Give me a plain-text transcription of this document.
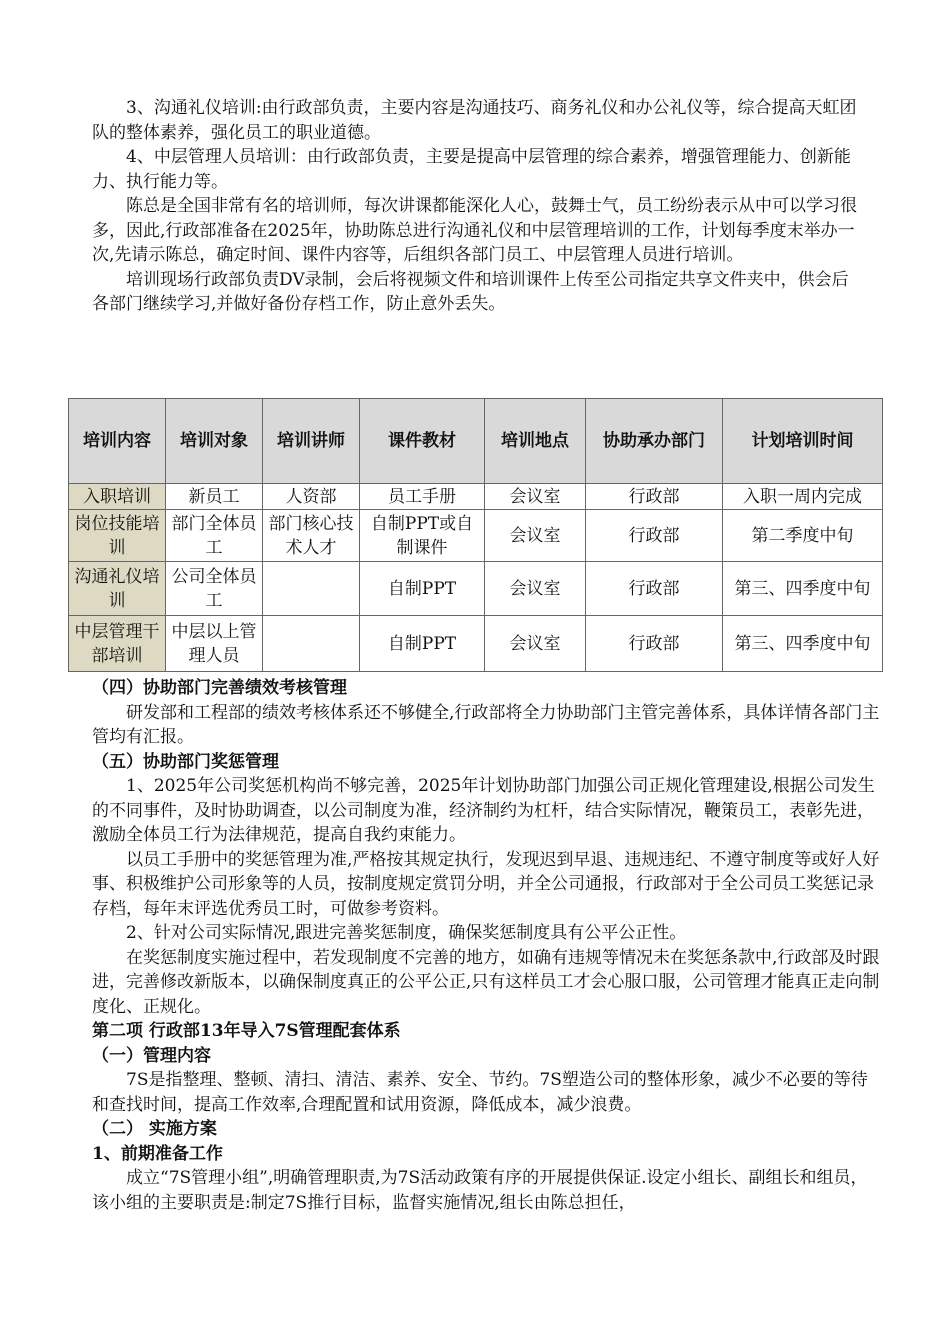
3、沟通礼仪培训:由行政部负责，主要内容是沟通技巧、商务礼仪和办公礼仪等，综合提高天虹团队的整体素养，强化员工的职业道德。

4、中层管理人员培训：由行政部负责，主要是提高中层管理的综合素养，增强管理能力、创新能力、执行能力等。

陈总是全国非常有名的培训师，每次讲课都能深化人心，鼓舞士气，员工纷纷表示从中可以学习很多，因此,行政部准备在2025年，协助陈总进行沟通礼仪和中层管理培训的工作，计划每季度末举办一次,先请示陈总，确定时间、课件内容等，后组织各部门员工、中层管理人员进行培训。

培训现场行政部负责DV录制，会后将视频文件和培训课件上传至公司指定共享文件夹中，供会后各部门继续学习,并做好备份存档工作，防止意外丢失。

培训内容	培训对象	培训讲师	课件教材	培训地点	协助承办部门	计划培训时间
入职培训	新员工	人资部	员工手册	会议室	行政部	入职一周内完成
岗位技能培训	部门全体员工	部门核心技术人才	自制PPT或自制课件	会议室	行政部	第二季度中旬
沟通礼仪培训	公司全体员工		自制PPT	会议室	行政部	第三、四季度中旬
中层管理干部培训	中层以上管理人员		自制PPT	会议室	行政部	第三、四季度中旬

（四）协助部门完善绩效考核管理

研发部和工程部的绩效考核体系还不够健全,行政部将全力协助部门主管完善体系，具体详情各部门主管均有汇报。

（五）协助部门奖惩管理

1、2025年公司奖惩机构尚不够完善，2025年计划协助部门加强公司正规化管理建设,根据公司发生的不同事件，及时协助调查，以公司制度为准，经济制约为杠杆，结合实际情况，鞭策员工，表彰先进，激励全体员工行为法律规范，提高自我约束能力。

以员工手册中的奖惩管理为准,严格按其规定执行，发现迟到早退、违规违纪、不遵守制度等或好人好事、积极维护公司形象等的人员，按制度规定赏罚分明，并全公司通报，行政部对于全公司员工奖惩记录存档，每年末评选优秀员工时，可做参考资料。

2、针对公司实际情况,跟进完善奖惩制度，确保奖惩制度具有公平公正性。

在奖惩制度实施过程中，若发现制度不完善的地方，如确有违规等情况未在奖惩条款中,行政部及时跟进，完善修改新版本，以确保制度真正的公平公正,只有这样员工才会心服口服，公司管理才能真正走向制度化、正规化。

第二项 行政部13年导入7S管理配套体系

（一）管理内容

7S是指整理、整顿、清扫、清洁、素养、安全、节约。7S塑造公司的整体形象，减少不必要的等待和查找时间，提高工作效率,合理配置和试用资源，降低成本，减少浪费。

（二） 实施方案

1、前期准备工作

成立“7S管理小组”,明确管理职责,为7S活动政策有序的开展提供保证.设定小组长、副组长和组员，该小组的主要职责是:制定7S推行目标，监督实施情况,组长由陈总担任，
